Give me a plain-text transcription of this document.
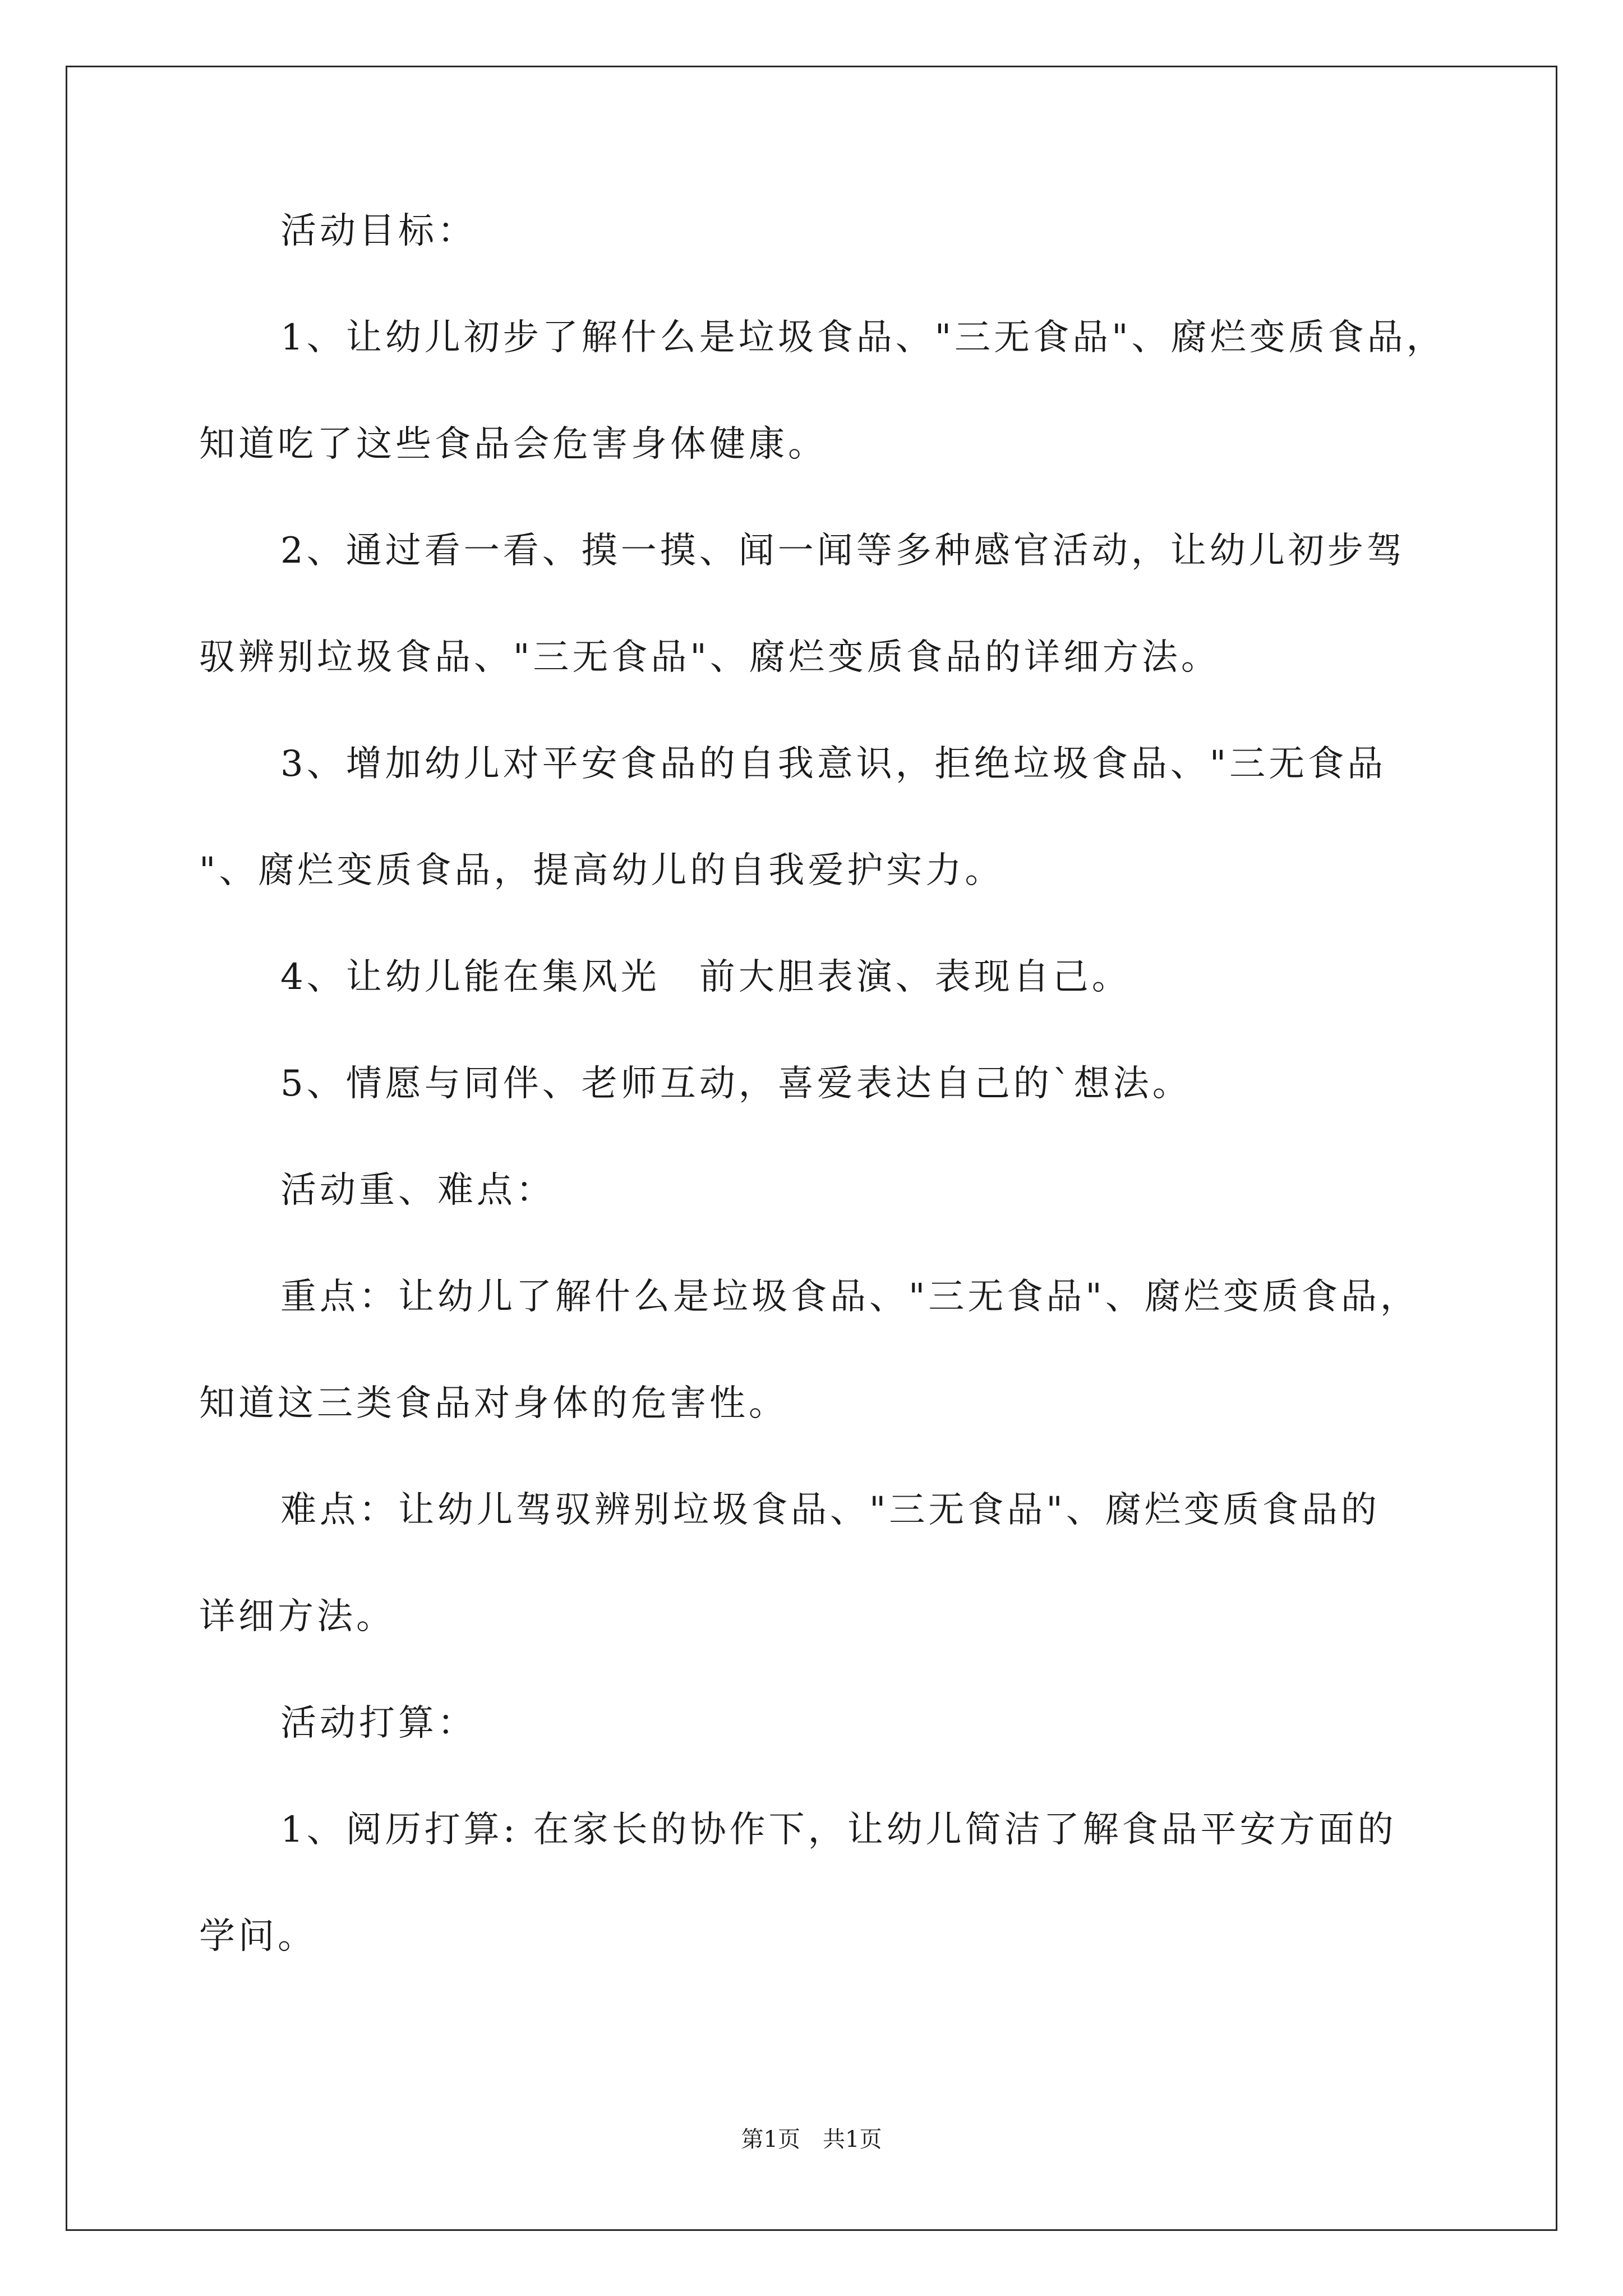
活动目标：
1、让幼儿初步了解什么是垃圾食品、"三无食品"、腐烂变质食品，
知道吃了这些食品会危害身体健康。
2、通过看一看、摸一摸、闻一闻等多种感官活动，让幼儿初步驾
驭辨别垃圾食品、"三无食品"、腐烂变质食品的详细方法。
3、增加幼儿对平安食品的自我意识，拒绝垃圾食品、"三无食品
"、腐烂变质食品，提高幼儿的自我爱护实力。
4、让幼儿能在集风光　前大胆表演、表现自己。
5、情愿与同伴、老师互动，喜爱表达自己的`想法。
活动重、难点：
重点：让幼儿了解什么是垃圾食品、"三无食品"、腐烂变质食品，
知道这三类食品对身体的危害性。
难点：让幼儿驾驭辨别垃圾食品、"三无食品"、腐烂变质食品的
详细方法。
活动打算：
1、阅历打算: 在家长的协作下，让幼儿简洁了解食品平安方面的
学问。
第1页　共1页
